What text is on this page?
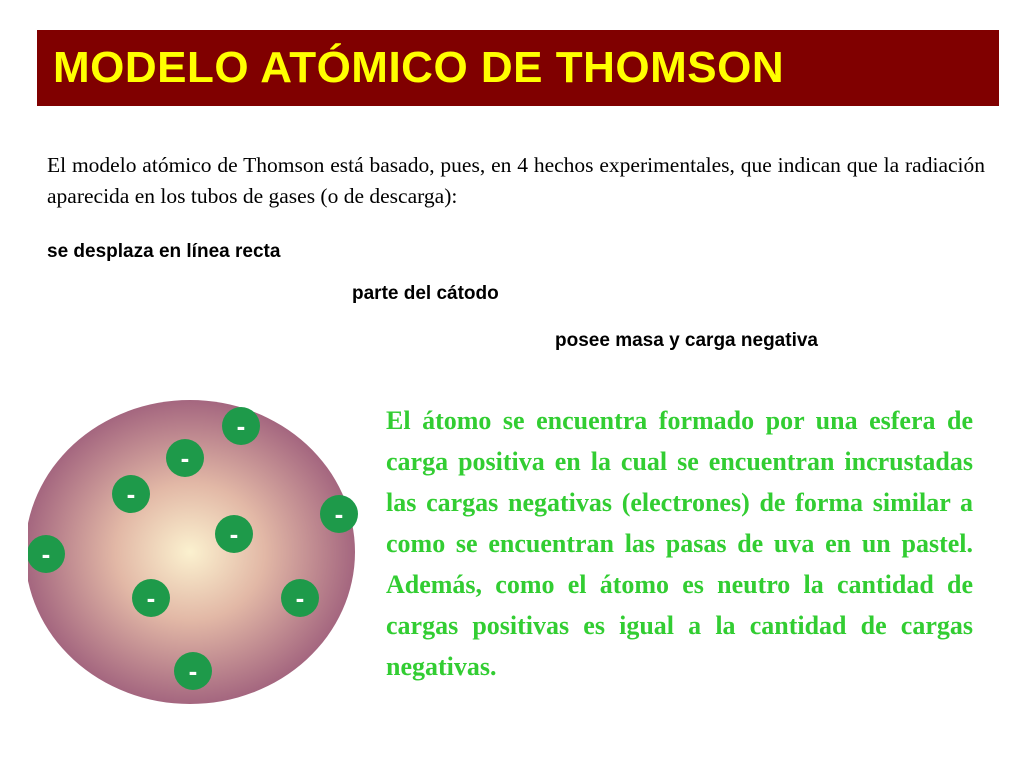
MODELO ATÓMICO DE THOMSON
El modelo atómico de Thomson está basado, pues, en 4 hechos experimentales, que indican que la radiación aparecida en los tubos de gases (o de descarga):
se desplaza en línea recta
parte del cátodo
posee masa y carga negativa
-
-
-
-
-
-
-	-
-
El átomo se encuentra formado por una esfera de carga positiva en la cual se encuentran incrustadas las cargas negativas (electrones) de forma similar a como se encuentran las pasas de uva en un pastel. Además, como el átomo es neutro la cantidad de cargas positivas es igual a la cantidad de cargas negativas.
